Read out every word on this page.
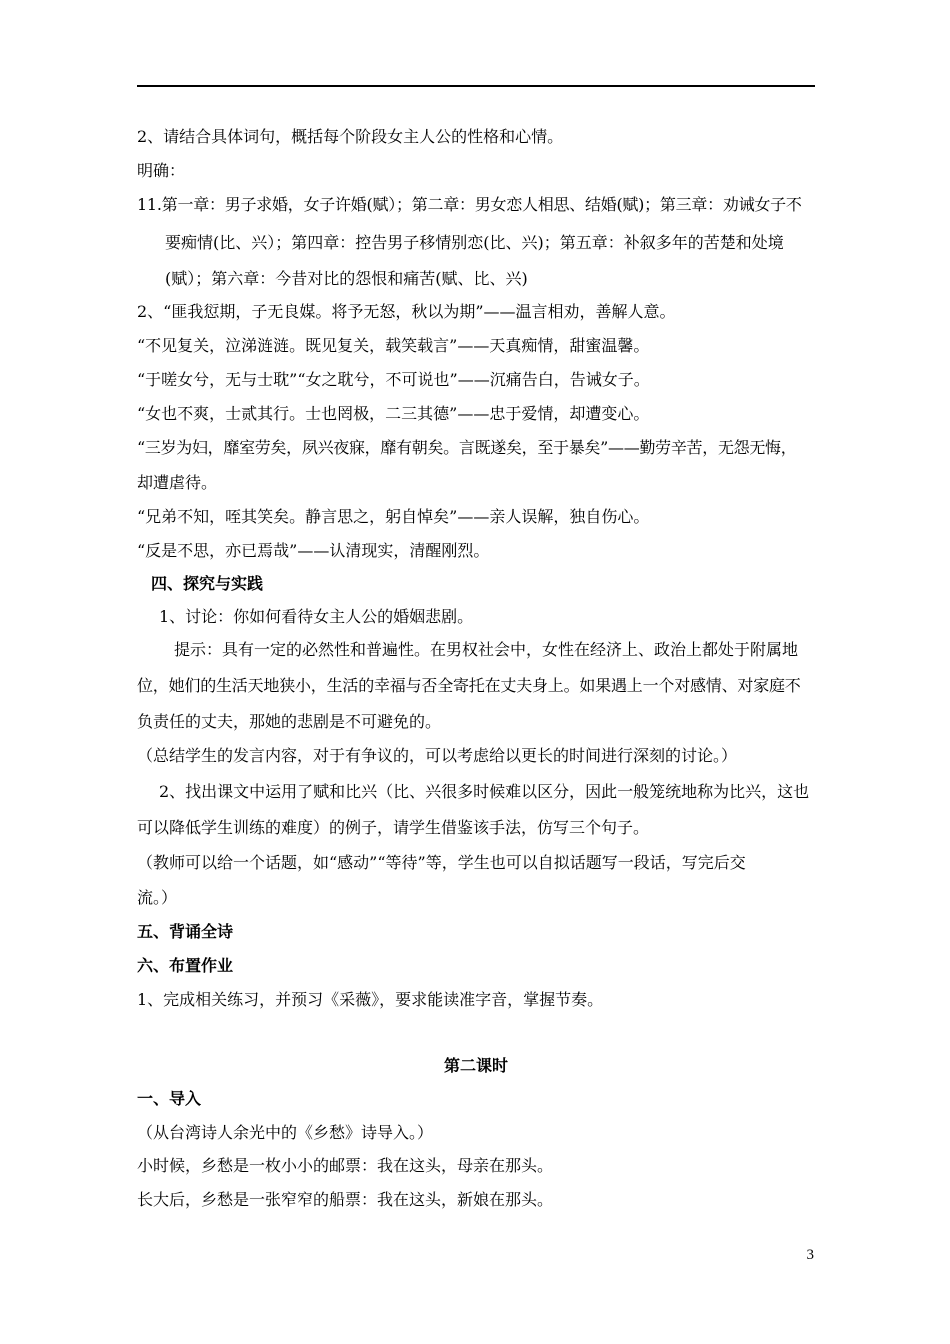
2、请结合具体词句，概括每个阶段女主人公的性格和心情。
明确：
11.第一章：男子求婚，女子许婚(赋）；第二章：男女恋人相思、结婚(赋)；第三章：劝诫女子不
要痴情(比、兴）；第四章：控告男子移情别恋(比、兴)；第五章：补叙多年的苦楚和处境
(赋）；第六章：今昔对比的怨恨和痛苦(赋、比、兴)
2、“匪我愆期，子无良媒。将予无怒，秋以为期”——温言相劝，善解人意。
“不见复关，泣涕涟涟。既见复关，载笑载言”——天真痴情，甜蜜温馨。
“于嗟女兮，无与士耽”“女之耽兮，不可说也”——沉痛告白，告诫女子。
“女也不爽，士贰其行。士也罔极，二三其德”——忠于爱情，却遭变心。
“三岁为妇，靡室劳矣，夙兴夜寐，靡有朝矣。言既遂矣，至于暴矣”——勤劳辛苦，无怨无悔，
却遭虐待。
“兄弟不知，咥其笑矣。静言思之，躬自悼矣”——亲人误解，独自伤心。
“反是不思，亦已焉哉”——认清现实，清醒刚烈。
四、探究与实践
1、讨论：你如何看待女主人公的婚姻悲剧。
提示：具有一定的必然性和普遍性。在男权社会中，女性在经济上、政治上都处于附属地
位，她们的生活天地狭小，生活的幸福与否全寄托在丈夫身上。如果遇上一个对感情、对家庭不
负责任的丈夫，那她的悲剧是不可避免的。
（总结学生的发言内容，对于有争议的，可以考虑给以更长的时间进行深刻的讨论。）
2、找出课文中运用了赋和比兴（比、兴很多时候难以区分，因此一般笼统地称为比兴，这也
可以降低学生训练的难度）的例子，请学生借鉴该手法，仿写三个句子。
（教师可以给一个话题，如“感动”“等待”等，学生也可以自拟话题写一段话，写完后交
流。）
五、背诵全诗
六、布置作业
1、完成相关练习，并预习《采薇》，要求能读准字音，掌握节奏。
第二课时
一、导入
（从台湾诗人余光中的《乡愁》诗导入。）
小时候，乡愁是一枚小小的邮票：我在这头，母亲在那头。
长大后，乡愁是一张窄窄的船票：我在这头，新娘在那头。
3
